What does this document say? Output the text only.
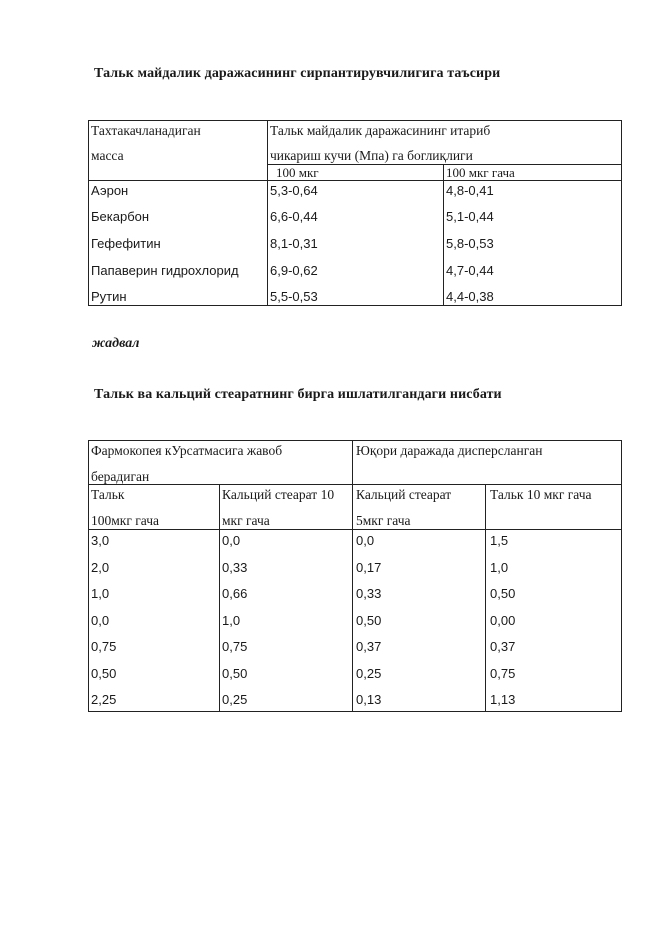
Тальк майдалик даражасининг сирпантирувчилигига таъсири
Тахтакачланадиган
масса
Тальк майдалик даражасининг итариб
чикариш кучи (Мпа) га боглиқлиги
100 мкг	100 мкг гача
Аэрон
Бекарбон
Гефефитин
Папаверин гидрохлорид
Рутин
5,3-0,64
6,6-0,44
8,1-0,31
6,9-0,62
5,5-0,53
4,8-0,41
5,1-0,44
5,8-0,53
4,7-0,44
4,4-0,38
жадвал
Тальк ва кальций стеаратнинг бирга ишлатилгандаги нисбати
Фармокопея кУрсатмасига жавоб
берадиган
Юқори даражада дисперслангaн
Тальк
100мкг гача
Кальций стеарат 10
мкг гача
Кальций стеарат
5мкг гача
Тальк 10 мкг гача
3,0
2,0
1,0
0,0
0,75
0,50
2,25
0,0
0,33
0,66
1,0
0,75
0,50
0,25
0,0
0,17
0,33
0,50
0,37
0,25
0,13
1,5
1,0
0,50
0,00
0,37
0,75
1,13
